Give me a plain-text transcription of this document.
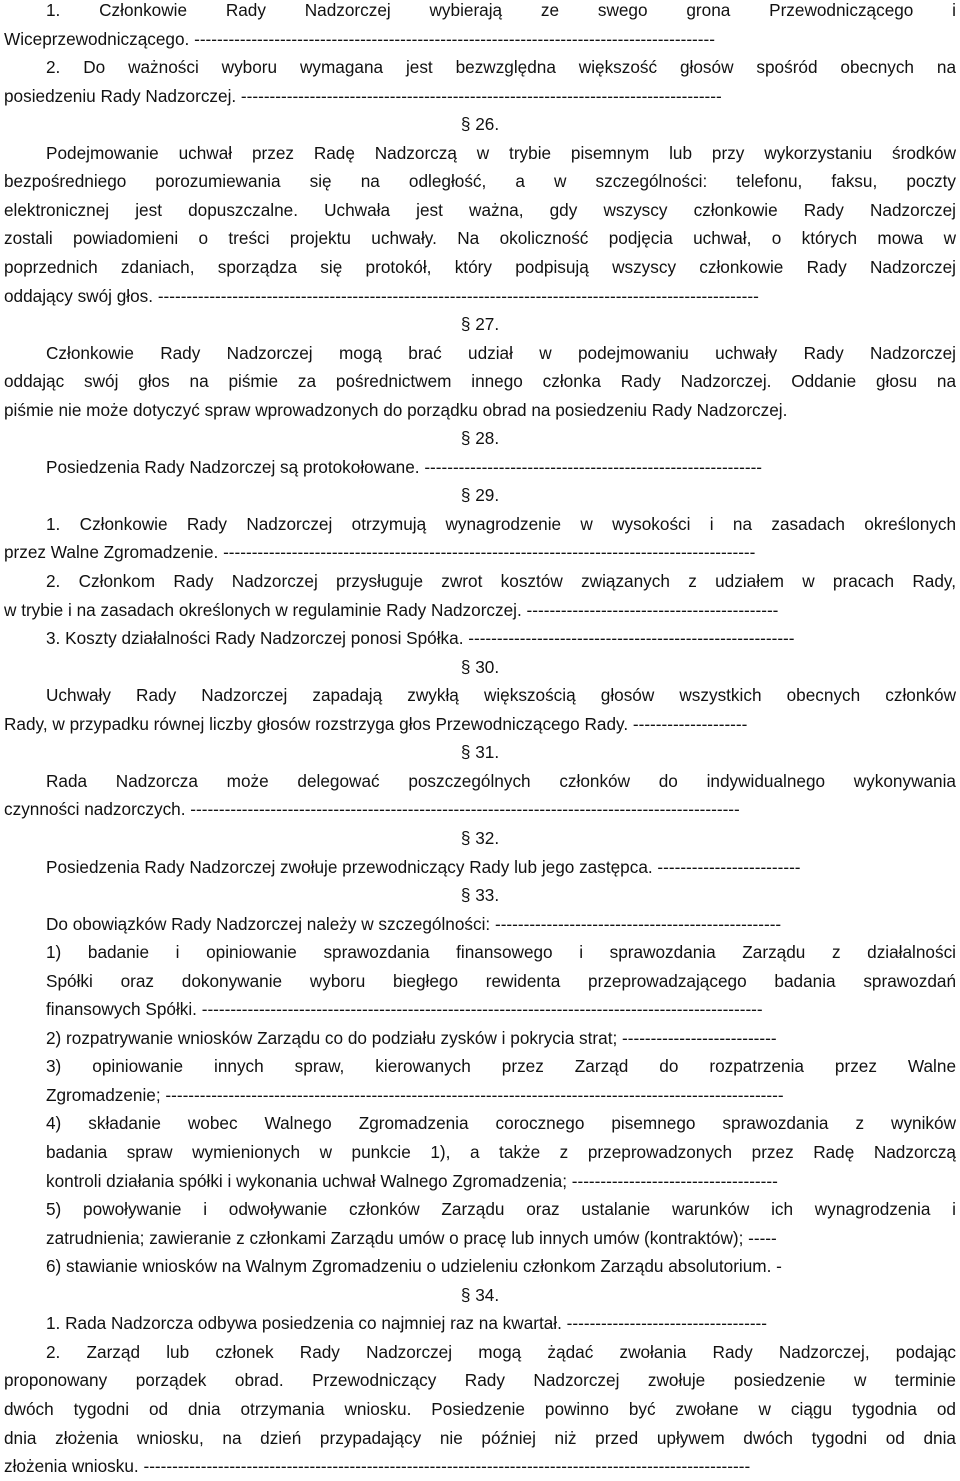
1. Członkowie Rady Nadzorczej wybierają ze swego grona Przewodniczącego i
Wiceprzewodniczącego. -------------------------------------------------------------------------------------------
2. Do ważności wyboru wymagana jest bezwzględna większość głosów spośród obecnych na
posiedzeniu Rady Nadzorczej. ------------------------------------------------------------------------------------
§ 26.
Podejmowanie uchwał przez Radę Nadzorczą w trybie pisemnym lub przy wykorzystaniu środków
bezpośredniego porozumiewania się na odległość, a w szczególności: telefonu, faksu, poczty
elektronicznej jest dopuszczalne. Uchwała jest ważna, gdy wszyscy członkowie Rady Nadzorczej
zostali powiadomieni o treści projektu uchwały. Na okoliczność podjęcia uchwał, o których mowa w
poprzednich zdaniach, sporządza się protokół, który podpisują wszyscy członkowie Rady Nadzorczej
oddający swój głos. ---------------------------------------------------------------------------------------------------------
§ 27.
Członkowie Rady Nadzorczej mogą brać udział w podejmowaniu uchwały Rady Nadzorczej
oddając swój głos na piśmie za pośrednictwem innego członka Rady Nadzorczej. Oddanie głosu na
piśmie nie może dotyczyć spraw wprowadzonych do porządku obrad na posiedzeniu Rady Nadzorczej.
§ 28.
Posiedzenia Rady Nadzorczej są protokołowane. -----------------------------------------------------------
§ 29.
1. Członkowie Rady Nadzorczej otrzymują wynagrodzenie w wysokości i na zasadach określonych
przez Walne Zgromadzenie. ---------------------------------------------------------------------------------------------
2. Członkom Rady Nadzorczej przysługuje zwrot kosztów związanych z udziałem w pracach Rady,
w trybie i na zasadach określonych w regulaminie Rady Nadzorczej. --------------------------------------------
3. Koszty działalności Rady Nadzorczej ponosi Spółka. ---------------------------------------------------------
§ 30.
Uchwały Rady Nadzorczej zapadają zwykłą większością głosów wszystkich obecnych członków
Rady, w przypadku równej liczby głosów rozstrzyga głos Przewodniczącego Rady. --------------------
§ 31.
Rada Nadzorcza może delegować poszczególnych członków do indywidualnego wykonywania
czynności nadzorczych. ------------------------------------------------------------------------------------------------
§ 32.
Posiedzenia Rady Nadzorczej zwołuje przewodniczący Rady lub jego zastępca. -------------------------
§ 33.
Do obowiązków Rady Nadzorczej należy w szczególności: --------------------------------------------------
1) badanie i opiniowanie sprawozdania finansowego i sprawozdania Zarządu z działalności
Spółki oraz dokonywanie wyboru biegłego rewidenta przeprowadzającego badania sprawozdań
finansowych Spółki. --------------------------------------------------------------------------------------------------
2) rozpatrywanie wniosków Zarządu co do podziału zysków i pokrycia strat; ---------------------------
3) opiniowanie innych spraw, kierowanych przez Zarząd do rozpatrzenia przez Walne
Zgromadzenie; ------------------------------------------------------------------------------------------------------------
4) składanie wobec Walnego Zgromadzenia corocznego pisemnego sprawozdania z wyników
badania spraw wymienionych w punkcie 1), a także z przeprowadzonych przez Radę Nadzorczą
kontroli działania spółki i wykonania uchwał Walnego Zgromadzenia; ------------------------------------
5) powoływanie i odwoływanie członków Zarządu oraz ustalanie warunków ich wynagrodzenia i
zatrudnienia; zawieranie z członkami Zarządu umów o pracę lub innych umów (kontraktów); -----
6) stawianie wniosków na Walnym Zgromadzeniu o udzieleniu członkom Zarządu absolutorium. -
§ 34.
1. Rada Nadzorcza odbywa posiedzenia co najmniej raz na kwartał. -----------------------------------
2. Zarząd lub członek Rady Nadzorczej mogą żądać zwołania Rady Nadzorczej, podając
proponowany porządek obrad. Przewodniczący Rady Nadzorczej zwołuje posiedzenie w terminie
dwóch tygodni od dnia otrzymania wniosku. Posiedzenie powinno być zwołane w ciągu tygodnia od
dnia złożenia wniosku, na dzień przypadający nie później niż przed upływem dwóch tygodni od dnia
złożenia wniosku. ----------------------------------------------------------------------------------------------------------
